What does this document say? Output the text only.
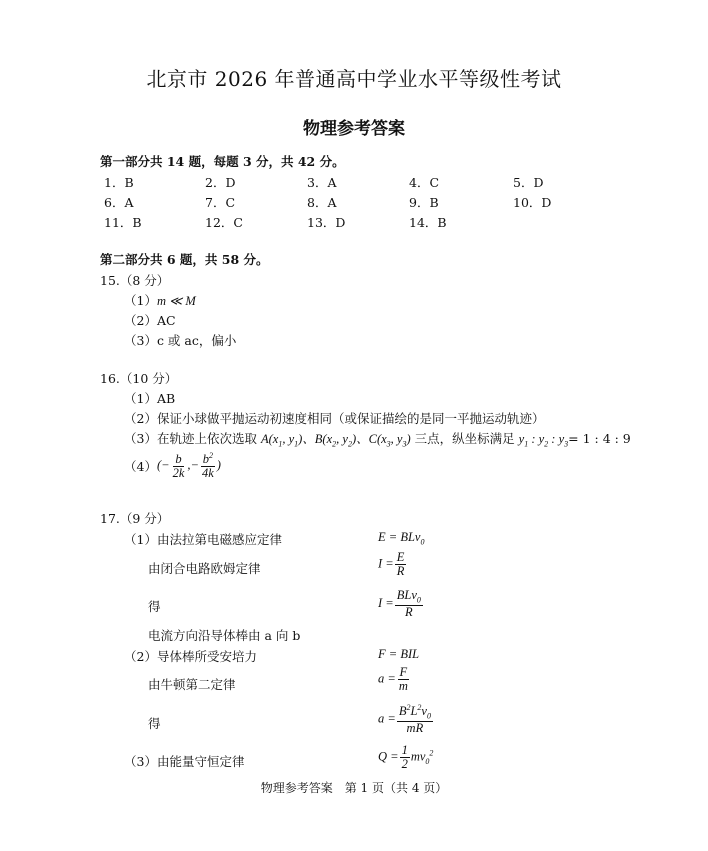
北京市 2026 年普通高中学业水平等级性考试
物理参考答案
第一部分共 14 题，每题 3 分，共 42 分。
1．B	2．D	3．A	4．C	5．D
6．A	7．C	8．A	9．B	10．D
11．B	12．C	13．D	14．B
第二部分共 6 题，共 58 分。
15.（8 分）
（1）m ≪ M
（2）AC
（3）c 或 ac，偏小
16.（10 分）
（1）AB
（2）保证小球做平抛运动初速度相同（或保证描绘的是同一平抛运动轨迹）
（3）在轨迹上依次选取 $A(x_1$, $y_1$)、$B(x_2$, $y_2$)、$C(x_3$, $y_3$) 三点，纵坐标满足 $y_1$ : $y_2$ : $y_3= 1$ : 4 : 9
（4） (− $\frac{b}{2k}$ ,− $\frac{b^2}{4k}$ )
17.（9 分）
（1）由法拉第电磁感应定律	E = BLv$_0$
由闭合电路欧姆定律	$I = \frac{E}{R}$
得	$I = \frac{BLv_0}{R}$
电流方向沿导体棒由 a 向 b
（2）导体棒所受安培力	F = BIL
由牛顿第二定律	$a = \frac{F}{m}$
得	$a = \frac{B^2L^2v_0}{mR}$
（3）由能量守恒定律	$Q = \frac{1}{2} mv_0^2$
物理参考答案　第 1 页（共 4 页）
